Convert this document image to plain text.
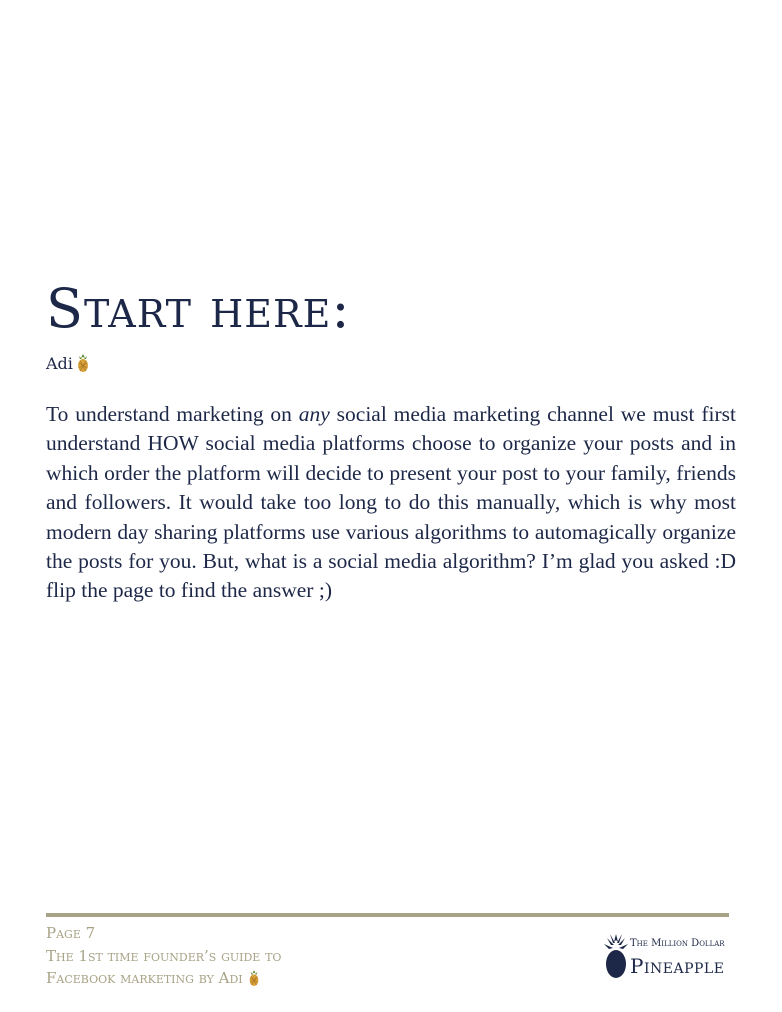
Start here:
Adi

To understand marketing on any social media marketing channel we must first understand HOW social media platforms choose to organize your posts and in which order the platform will decide to present your post to your family, friends and followers. It would take too long to do this manually, which is why most modern day sharing platforms use various algorithms to automagically organize the posts for you. But, what is a social media algorithm? I’m glad you asked :D flip the page to find the answer ;)

Page 7
The 1st time founder’s guide to
Facebook marketing by Adi
The Million Dollar
Pineapple
